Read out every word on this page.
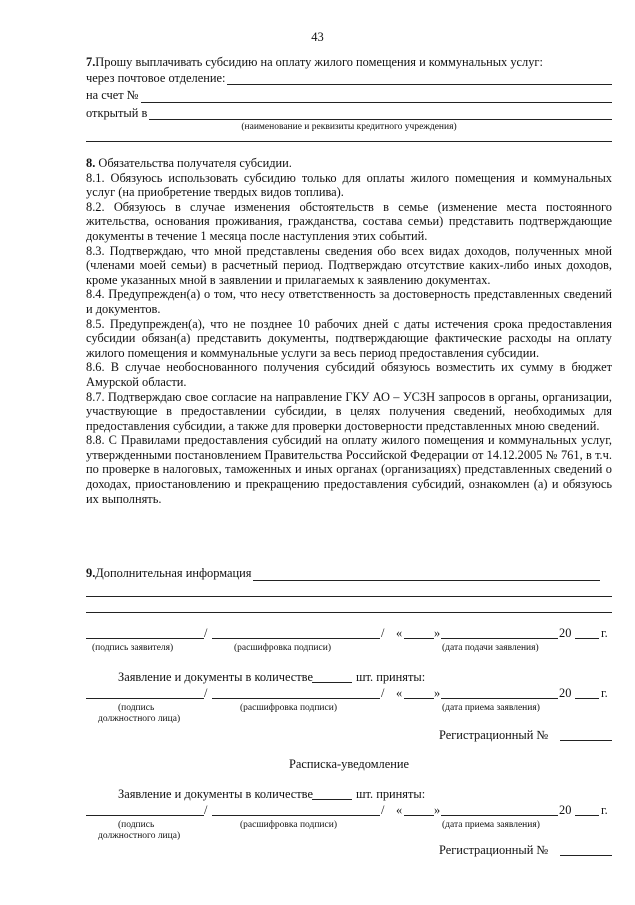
43
7. Прошу выплачивать субсидию на оплату жилого помещения и коммунальных услуг:
через почтовое отделение:
на счет №
открытый в
(наименование и реквизиты кредитного учреждения)

8. Обязательства получателя субсидии.

8.1. Обязуюсь использовать субсидию только для оплаты жилого помещения и коммунальных услуг (на приобретение твердых видов топлива).

8.2. Обязуюсь в случае изменения обстоятельств в семье (изменение места постоянного жительства, основания проживания, гражданства, состава семьи) представить подтверждающие документы в течение 1 месяца после наступления этих событий.

8.3. Подтверждаю, что мной представлены сведения обо всех видах доходов, полученных мной (членами моей семьи) в расчетный период. Подтверждаю отсутствие каких-либо иных доходов, кроме указанных мной в заявлении и прилагаемых к заявлению документах.

8.4. Предупрежден(а) о том, что несу ответственность за достоверность представленных сведений и документов.

8.5. Предупрежден(а), что не позднее 10 рабочих дней с даты истечения срока предоставления субсидии обязан(а) представить документы, подтверждающие фактические расходы на оплату жилого помещения и коммунальные услуги за весь период предоставления субсидии.

8.6. В случае необоснованного получения субсидий обязуюсь возместить их сумму в бюджет Амурской области.

8.7. Подтверждаю свое согласие на направление ГКУ АО – УСЗН запросов в органы, организации, участвующие в предоставлении субсидии, в целях получения сведений, необходимых для предоставления субсидии, а также для проверки достоверности представленных мною сведений.

8.8. С Правилами предоставления субсидий на оплату жилого помещения и коммунальных услуг, утвержденными постановлением Правительства Российской Федерации от 14.12.2005 № 761, в т.ч. по проверке в налоговых, таможенных и иных органах (организациях) представленных сведений о доходах, приостановлению и прекращению предоставления субсидий, ознакомлен (а) и обязуюсь их выполнять.

9. Дополнительная информация
/	/ «	»	20 г.
(подпись заявителя)	(расшифровка подписи)	(дата подачи заявления)
Заявление и документы в количестве	шт. приняты:
/	/ «	»	20 г.
(подпись
должностного лица)
(расшифровка подписи)	(дата приема заявления)
Регистрационный №
Расписка-уведомление
Заявление и документы в количестве	шт. приняты:
/	/ «	»	20 г.
(подпись
должностного лица)
(расшифровка подписи)	(дата приема заявления)
Регистрационный №
